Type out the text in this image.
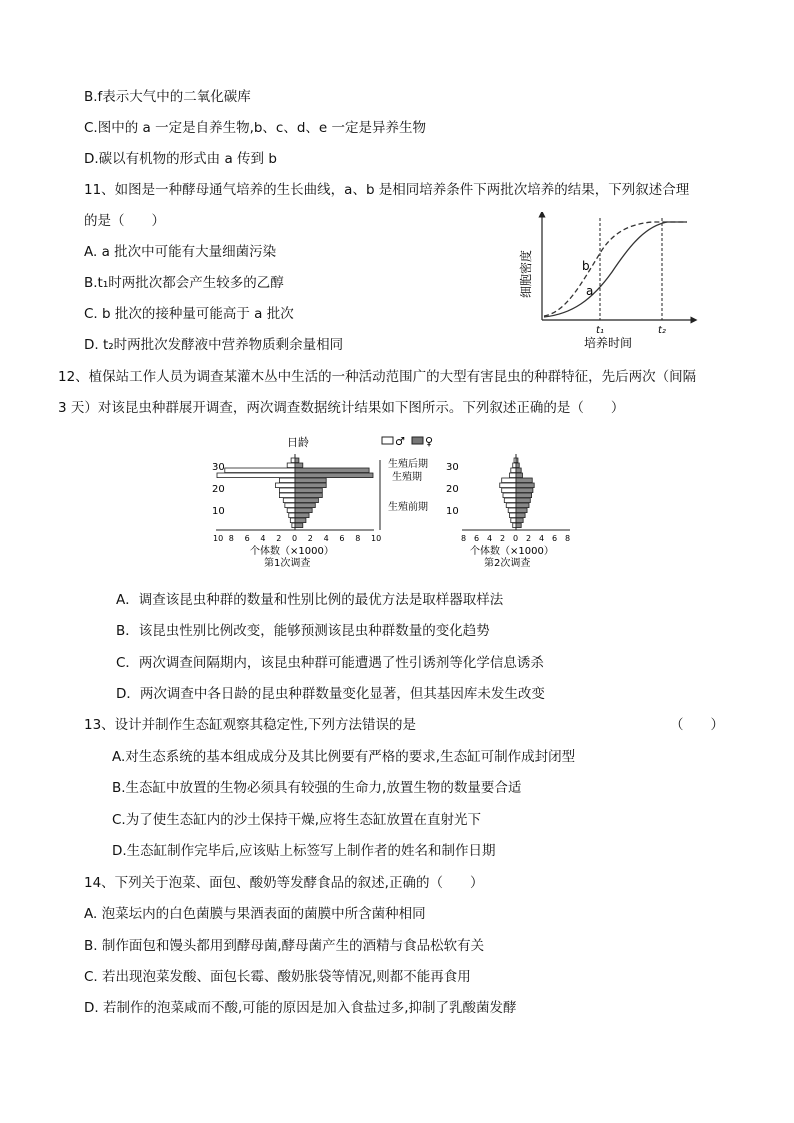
B.f表示大气中的二氧化碳库
C.图中的 a 一定是自养生物,b、c、d、e 一定是异养生物
D.碳以有机物的形式由 a 传到 b
11、如图是一种酵母通气培养的生长曲线，a、b 是相同培养条件下两批次培养的结果，下列叙述合理
的是（　　）
A. a 批次中可能有大量细菌污染
B.t₁时两批次都会产生较多的乙醇
C. b 批次的接种量可能高于 a 批次
D. t₂时两批次发酵液中营养物质剩余量相同
b
a
t₁	t₂
培养时间
细胞密度
12、植保站工作人员为调查某灌木丛中生活的一种活动范围广的大型有害昆虫的种群特征，先后两次（间隔
3 天）对该昆虫种群展开调查，两次调查数据统计结果如下图所示。下列叙述正确的是（　　）
日龄	♂ ♀
30
20
10
生殖后期
生殖期
生殖前期
30
20
10
10 8 6 4 2 0 2 4 6 8 10	8 6 4 2 0 2 4 6 8
个体数（×1000）
第1次调查
个体数（×1000）
第2次调查
A．调查该昆虫种群的数量和性别比例的最优方法是取样器取样法
B．该昆虫性别比例改变，能够预测该昆虫种群数量的变化趋势
C．两次调查间隔期内，该昆虫种群可能遭遇了性引诱剂等化学信息诱杀
D．两次调查中各日龄的昆虫种群数量变化显著，但其基因库未发生改变
13、设计并制作生态缸观察其稳定性,下列方法错误的是	（　　）
A.对生态系统的基本组成成分及其比例要有严格的要求,生态缸可制作成封闭型
B.生态缸中放置的生物必须具有较强的生命力,放置生物的数量要合适
C.为了使生态缸内的沙土保持干燥,应将生态缸放置在直射光下
D.生态缸制作完毕后,应该贴上标签写上制作者的姓名和制作日期
14、下列关于泡菜、面包、酸奶等发酵食品的叙述,正确的（　　）
A. 泡菜坛内的白色菌膜与果酒表面的菌膜中所含菌种相同
B. 制作面包和馒头都用到酵母菌,酵母菌产生的酒精与食品松软有关
C. 若出现泡菜发酸、面包长霉、酸奶胀袋等情况,则都不能再食用
D. 若制作的泡菜咸而不酸,可能的原因是加入食盐过多,抑制了乳酸菌发酵
